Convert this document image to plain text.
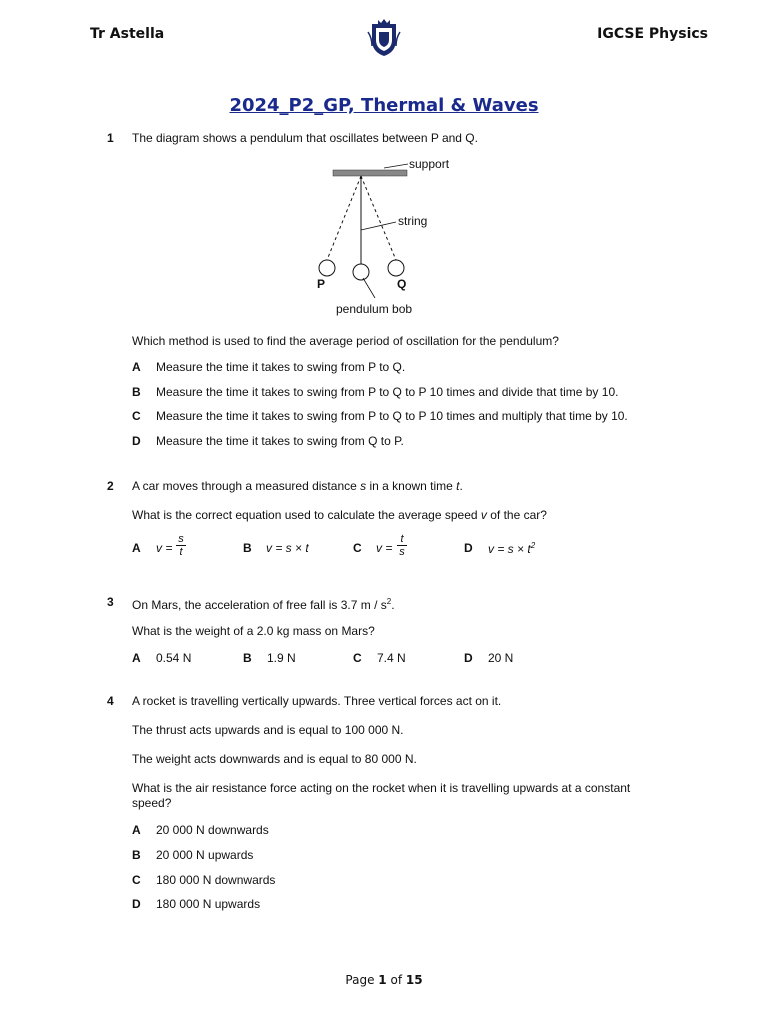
Tr Astella	IGCSE Physics
2024_P2_GP, Thermal & Waves
1 The diagram shows a pendulum that oscillates between P and Q.
support
string
P	Q
pendulum bob
Which method is used to find the average period of oscillation for the pendulum?
A Measure the time it takes to swing from P to Q.
B Measure the time it takes to swing from P to Q to P 10 times and divide that time by 10.
C Measure the time it takes to swing from P to Q to P 10 times and multiply that time by 10.
D Measure the time it takes to swing from Q to P.
2 A car moves through a measured distance s in a known time t.
What is the correct equation used to calculate the average speed v of the car?
A v =
s
t	B v = s × t	C v =
t
s	D $v = s \times t^2$
3 On Mars, the acceleration of free fall is 3.7 m / $s^2$.
What is the weight of a 2.0 kg mass on Mars?
A 0.54 N	B 1.9 N	C 7.4 N	D 20 N
4 A rocket is travelling vertically upwards. Three vertical forces act on it.
The thrust acts upwards and is equal to 100 000 N.
The weight acts downwards and is equal to 80 000 N.
What is the air resistance force acting on the rocket when it is travelling upwards at a constant
speed?
A 20 000 N downwards
B 20 000 N upwards
C 180 000 N downwards
D 180 000 N upwards
Page 1 of 15
